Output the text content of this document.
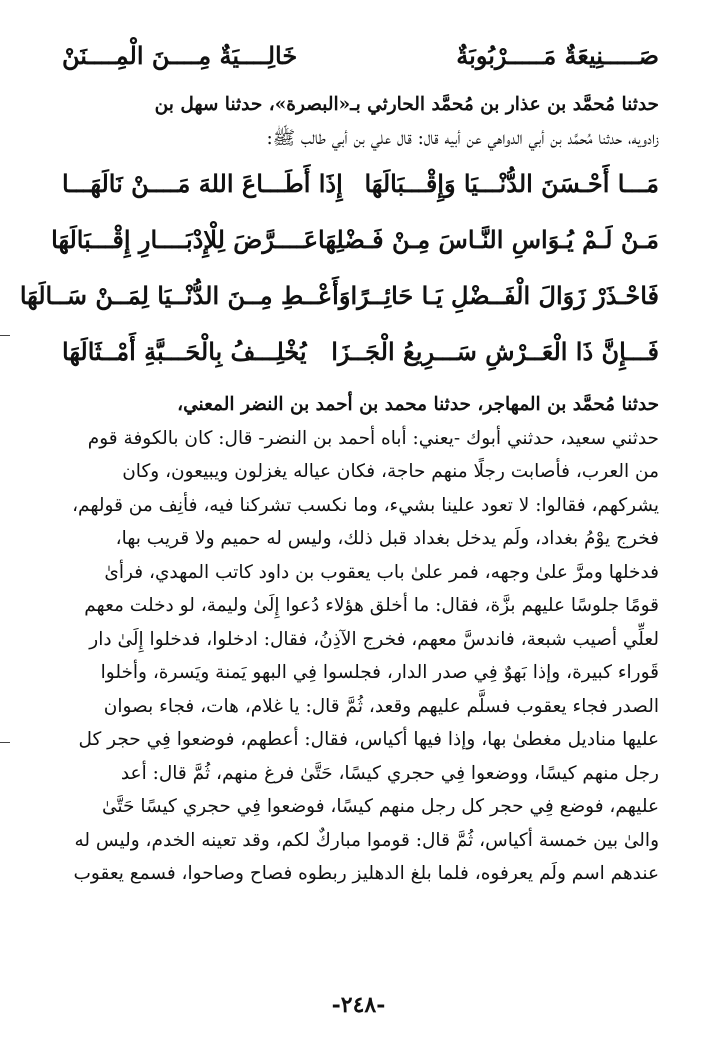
صَـــــنِيعَةٌ مَـــــرْبُوبَةٌ
خَالِــــيَةٌ مِــــنَ الْمِــــنَنْ
حدثنا مُحمَّد بن عذار بن مُحمَّد الحارثي بـ«البصرة»، حدثنا سهل بن
زادويه، حدثنا مُحمَّد بن أبي الدواهي عن أبيه قال: قال علي بن أبي طالب ﷺ:
مَـــا أَحْـسَنَ الدُّنْـــيَا وَإِقْـــبَالَهَا
إِذَا أَطَـــاعَ اللهَ مَــــنْ نَالَهَـــا
مَـنْ لَـمْ يُـوَاسِ النَّـاسَ مِـنْ فَـضْلِهَا
عَــــرَّضَ لِلْإِدْبَــــارِ إِقْـــبَالَهَا
فَاحْـذَرْ زَوَالَ الْفَــضْلِ يَـا حَائِــرًا
وَأَعْــطِ مِــنَ الدُّنْــيَا لِمَــنْ سَــالَهَا
فَـــإِنَّ ذَا الْعَــرْشِ سَـــرِيعُ الْجَــزَا
يُخْلِـــفُ بِالْحَـــبَّةِ أَمْــثَالَهَا
حدثنا مُحمَّد بن المهاجر، حدثنا محمد بن أحمد بن النضر المعني،
حدثني سعيد، حدثني أبوك -يعني: أباه أحمد بن النضر- قال: كان بالكوفة قوم
من العرب، فأصابت رجلًا منهم حاجة، فكان عياله يغزلون ويبيعون، وكان
يشركهم، فقالوا: لا تعود علينا بشيء، وما نكسب تشركنا فيه، فأنِف من قولهم،
فخرج يوْمُ بغداد، ولَم يدخل بغداد قبل ذلك، وليس له حميم ولا قريب بها،
فدخلها ومرَّ علىٰ وجهه، فمر علىٰ باب يعقوب بن داود كاتب المهدي، فرأىٰ
قومًا جلوسًا عليهم بزَّة، فقال: ما أخلق هؤلاء دُعوا إِلَىٰ وليمة، لو دخلت معهم
لعلِّي أصيب شبعة، فاندسَّ معهم، فخرج الآذِنُ، فقال: ادخلوا، فدخلوا إِلَىٰ دار
قَوراء كبيرة، وإذا بَهوٌ فِي صدر الدار، فجلسوا فِي البهو يَمنة ويَسرة، وأخلوا
الصدر فجاء يعقوب فسلَّم عليهم وقعد، ثُمَّ قال: يا غلام، هات، فجاء بصوان
عليها مناديل مغطىٰ بها، وإذا فيها أكياس، فقال: أعطهم، فوضعوا فِي حجر كل
رجل منهم كيسًا، ووضعوا فِي حجري كيسًا، حَتَّىٰ فرغ منهم، ثُمَّ قال: أعد
عليهم، فوضع فِي حجر كل رجل منهم كيسًا، فوضعوا فِي حجري كيسًا حَتَّىٰ
والىٰ بين خمسة أكياس، ثُمَّ قال: قوموا مباركٌ لكم، وقد تعينه الخدم، وليس له
عندهم اسم ولَم يعرفوه، فلما بلغ الدهليز ربطوه فصاح وصاحوا، فسمع يعقوب
-٢٤٨-
